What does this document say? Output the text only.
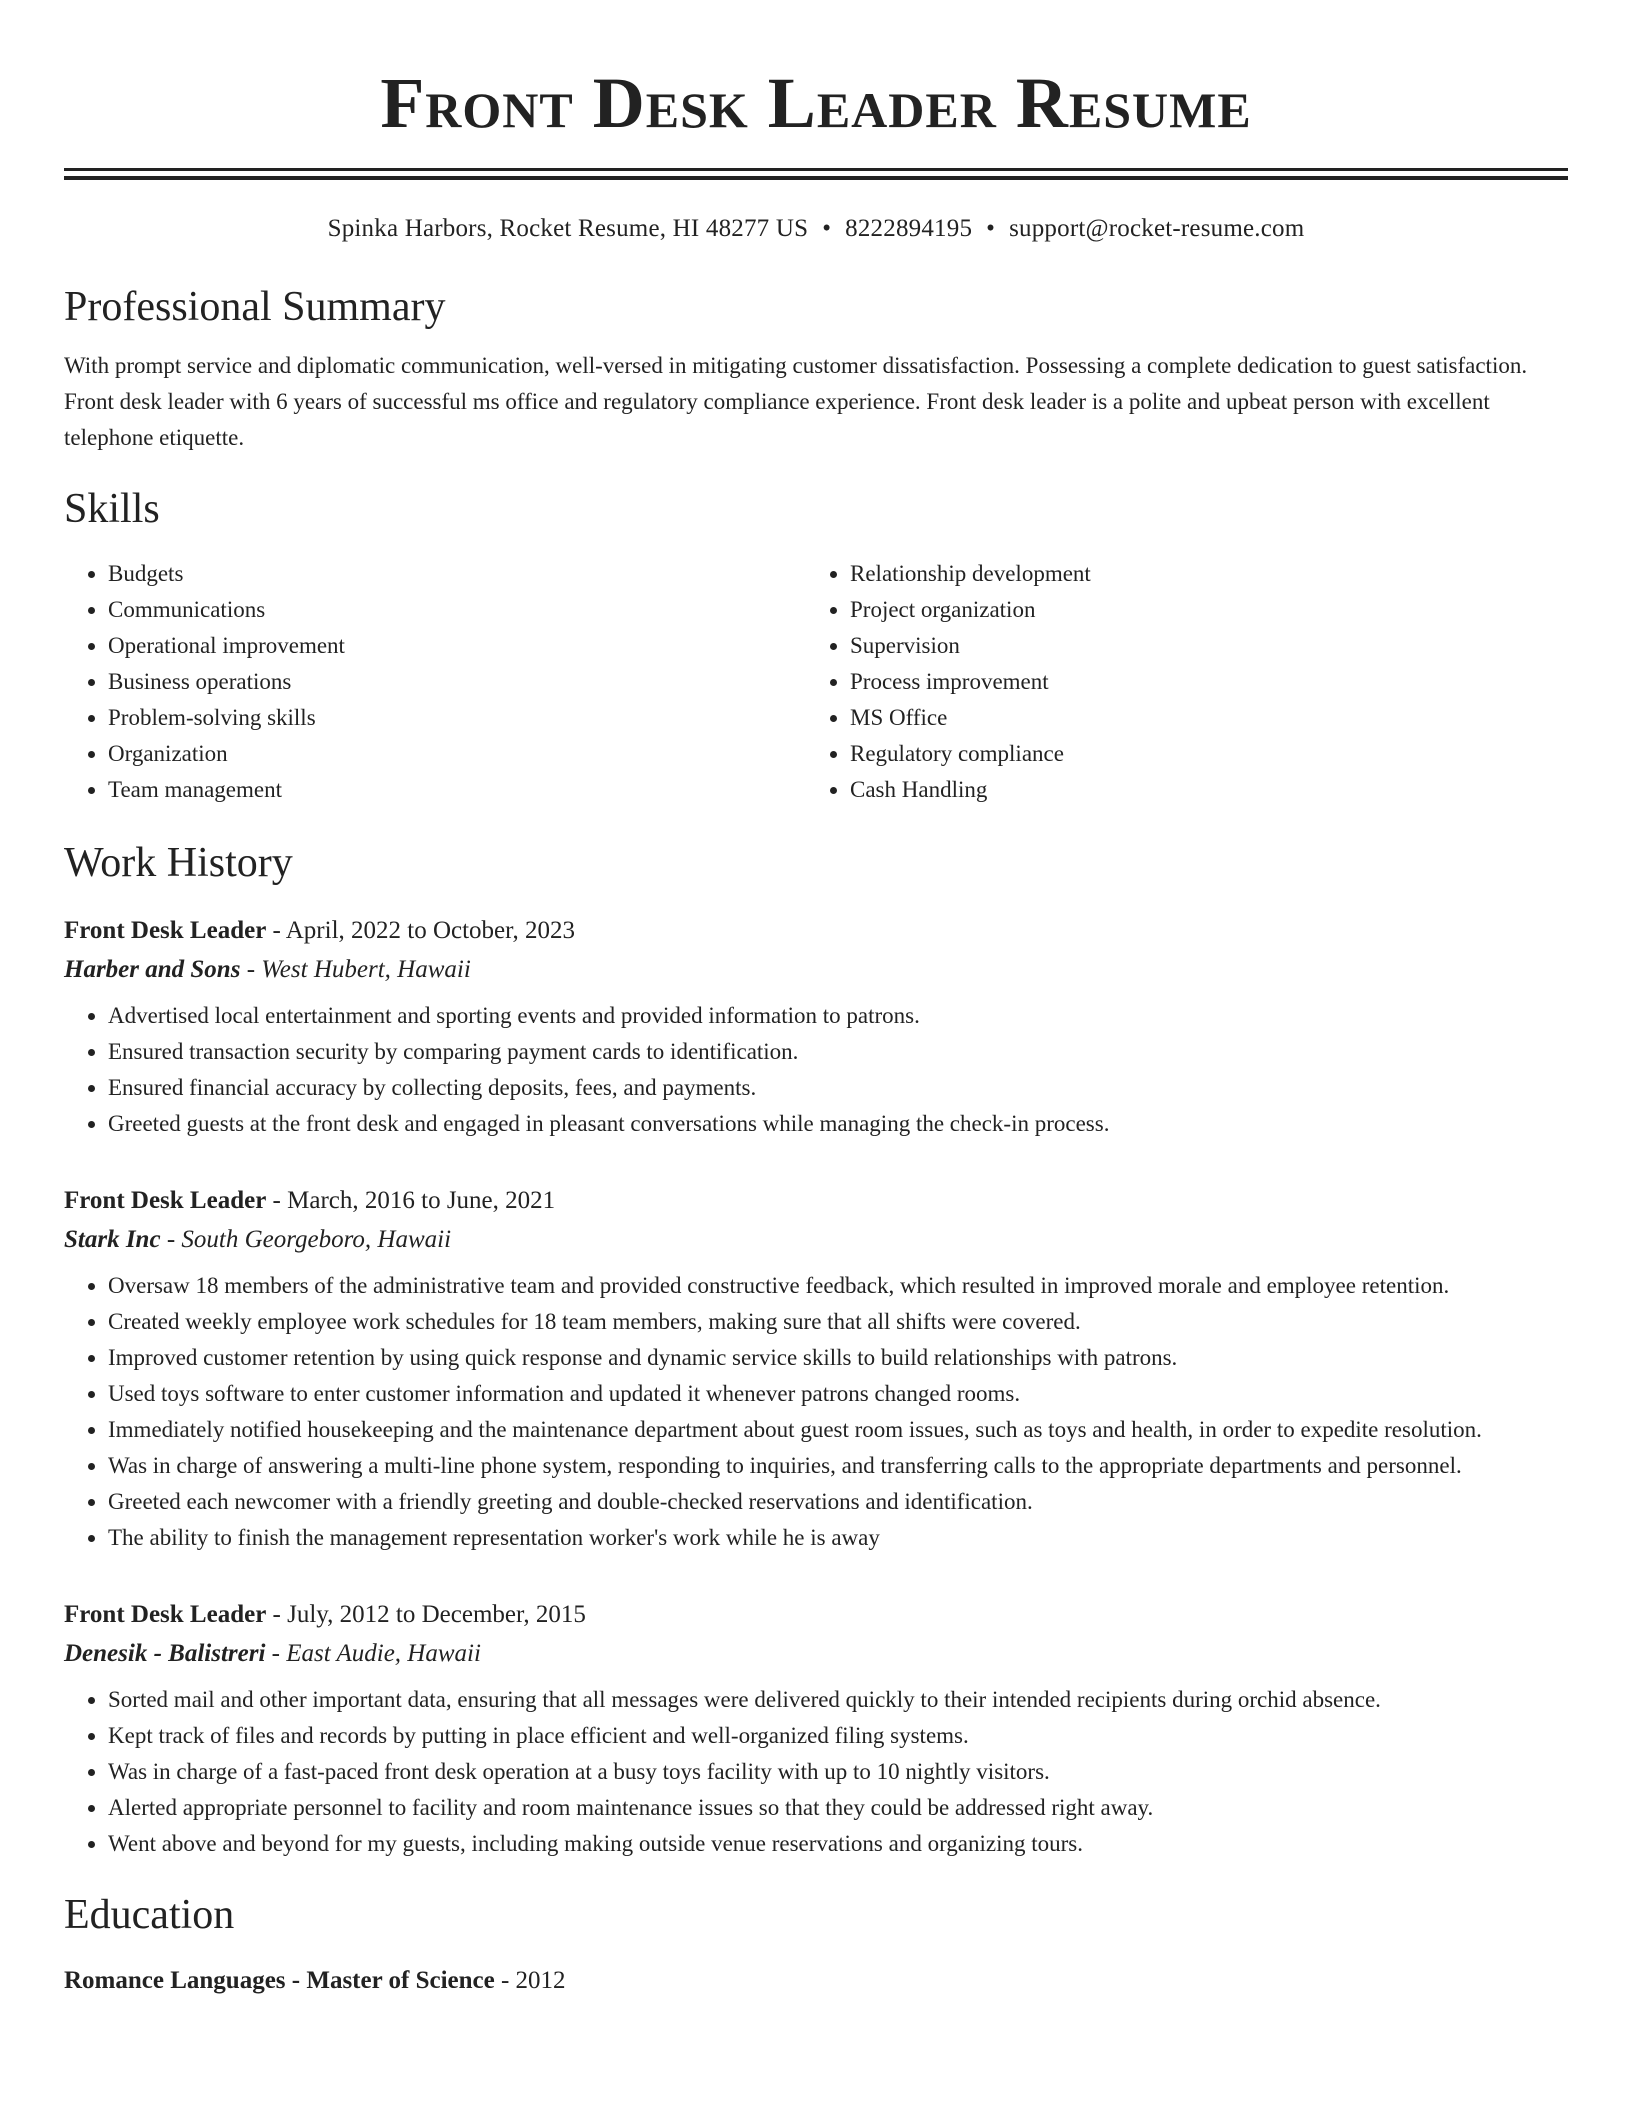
Front Desk Leader Resume
Spinka Harbors, Rocket Resume, HI 48277 US • 8222894195 • support@rocket-resume.com
Professional Summary

With prompt service and diplomatic communication, well-versed in mitigating customer dissatisfaction. Possessing a complete dedication to guest satisfaction. Front desk leader with 6 years of successful ms office and regulatory compliance experience. Front desk leader is a polite and upbeat person with excellent telephone etiquette.

Skills
• Budgets
• Communications
• Operational improvement
• Business operations
• Problem-solving skills
• Organization
• Team management
• Relationship development
• Project organization
• Supervision
• Process improvement
• MS Office
• Regulatory compliance
• Cash Handling
Work History
Front Desk Leader - April, 2022 to October, 2023
Harber and Sons - West Hubert, Hawaii
• Advertised local entertainment and sporting events and provided information to patrons.
• Ensured transaction security by comparing payment cards to identification.
• Ensured financial accuracy by collecting deposits, fees, and payments.
• Greeted guests at the front desk and engaged in pleasant conversations while managing the check-in process.
Front Desk Leader - March, 2016 to June, 2021
Stark Inc - South Georgeboro, Hawaii
• Oversaw 18 members of the administrative team and provided constructive feedback, which resulted in improved morale and employee retention.
• Created weekly employee work schedules for 18 team members, making sure that all shifts were covered.
• Improved customer retention by using quick response and dynamic service skills to build relationships with patrons.
• Used toys software to enter customer information and updated it whenever patrons changed rooms.
• Immediately notified housekeeping and the maintenance department about guest room issues, such as toys and health, in order to expedite resolution.
• Was in charge of answering a multi-line phone system, responding to inquiries, and transferring calls to the appropriate departments and personnel.
• Greeted each newcomer with a friendly greeting and double-checked reservations and identification.
• The ability to finish the management representation worker's work while he is away
Front Desk Leader - July, 2012 to December, 2015
Denesik - Balistreri - East Audie, Hawaii
• Sorted mail and other important data, ensuring that all messages were delivered quickly to their intended recipients during orchid absence.
• Kept track of files and records by putting in place efficient and well-organized filing systems.
• Was in charge of a fast-paced front desk operation at a busy toys facility with up to 10 nightly visitors.
• Alerted appropriate personnel to facility and room maintenance issues so that they could be addressed right away.
• Went above and beyond for my guests, including making outside venue reservations and organizing tours.
Education
Romance Languages - Master of Science - 2012
